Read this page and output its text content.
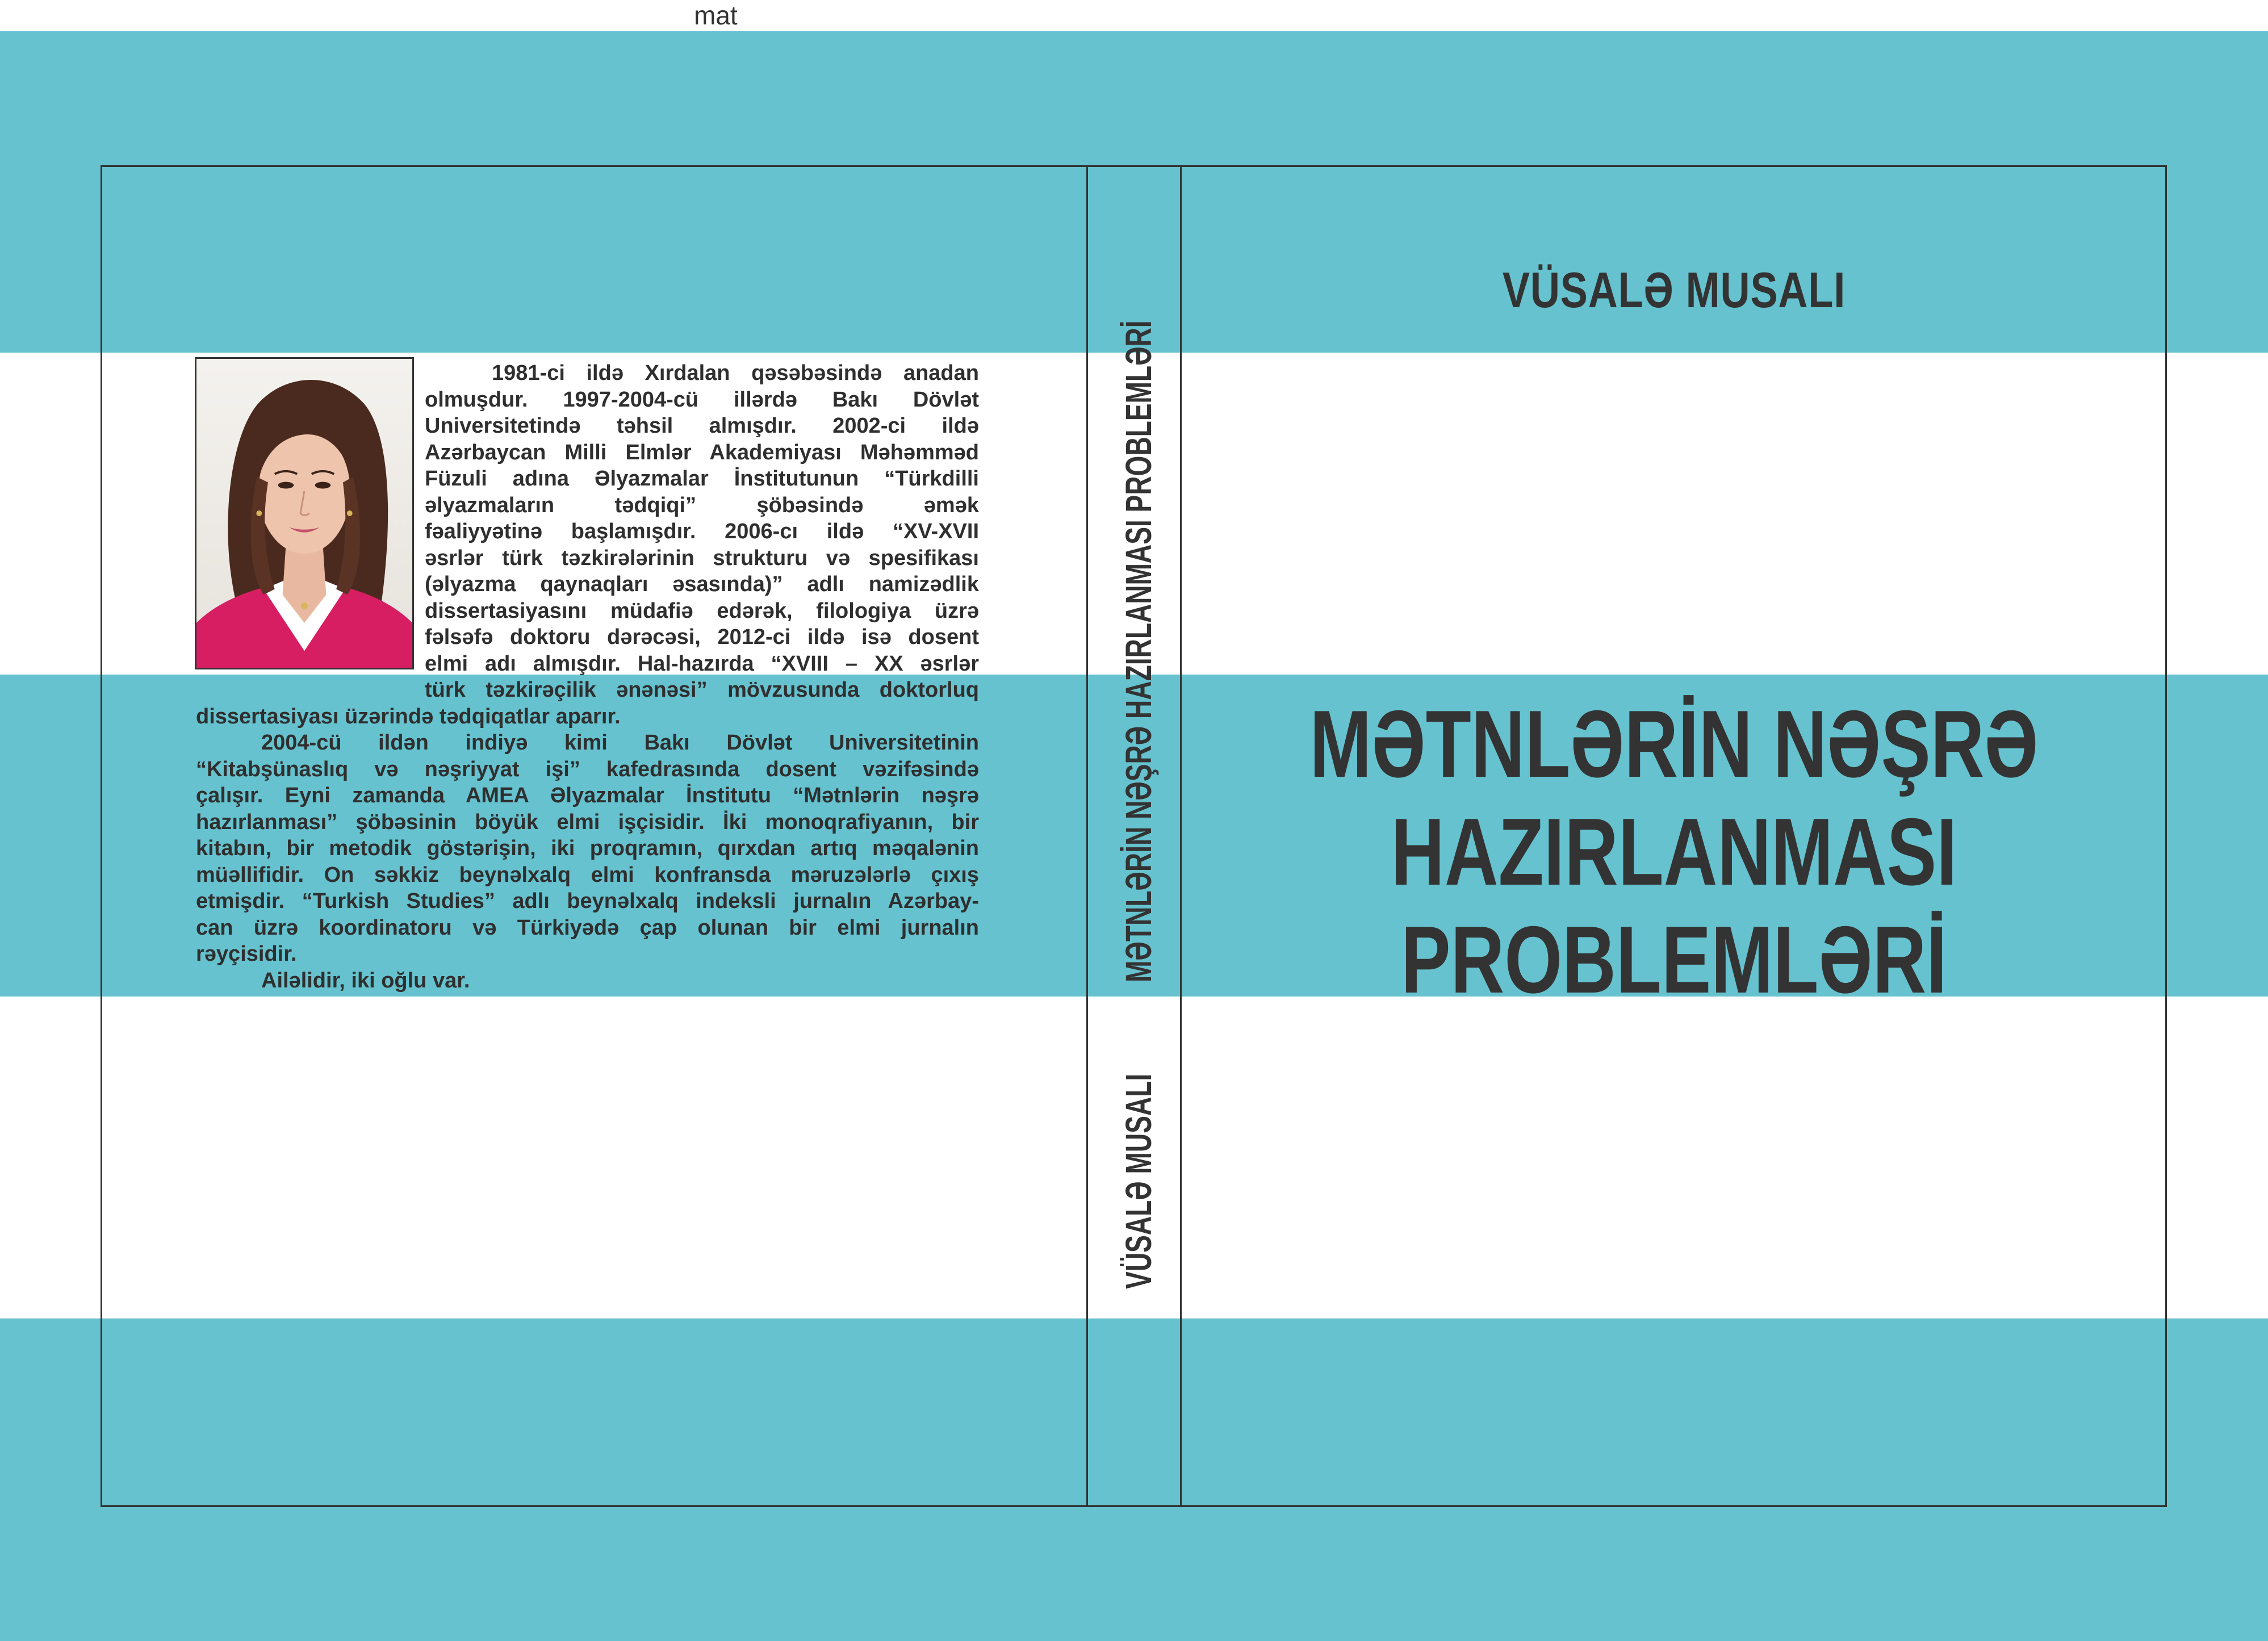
mat
1981-ci ildə Xırdalan qəsəbəsində anadan
olmuşdur. 1997-2004-cü illərdə Bakı Dövlət
Universitetində təhsil almışdır. 2002-ci ildə
Azərbaycan Milli Elmlər Akademiyası Məhəmməd
Füzuli adına Əlyazmalar İnstitutunun “Türkdilli
əlyazmaların tədqiqi” şöbəsində əmək
fəaliyyətinə başlamışdır. 2006-cı ildə “XV-XVII
əsrlər türk təzkirələrinin strukturu və spesifikası
(əlyazma qaynaqları əsasında)” adlı namizədlik
dissertasiyasını müdafiə edərək, filologiya üzrə
fəlsəfə doktoru dərəcəsi, 2012-ci ildə isə dosent
elmi adı almışdır. Hal-hazırda “XVIII – XX əsrlər
türk təzkirəçilik ənənəsi” mövzusunda doktorluq
dissertasiyası üzərində tədqiqatlar aparır.
2004-cü ildən indiyə kimi Bakı Dövlət Universitetinin
“Kitabşünaslıq və nəşriyyat işi” kafedrasında dosent vəzifəsində
çalışır. Eyni zamanda AMEA Əlyazmalar İnstitutu “Mətnlərin nəşrə
hazırlanması” şöbəsinin böyük elmi işçisidir. İki monoqrafiyanın, bir
kitabın, bir metodik göstərişin, iki proqramın, qırxdan artıq məqalənin
müəllifidir. On səkkiz beynəlxalq elmi konfransda məruzələrlə çıxış
etmişdir. “Turkish Studies” adlı beynəlxalq indeksli jurnalın Azərbay-
can üzrə koordinatoru və Türkiyədə çap olunan bir elmi jurnalın
rəyçisidir.
Ailəlidir, iki oğlu var.	MƏTNLƏRİN NƏŞRƏ HAZIRLANMASI PROBLEMLƏRİ
VÜSALƏ MUSALI
VÜSALƏ MUSALI
MƏTNLƏRİN NƏŞRƏ
HAZIRLANMASI
PROBLEMLƏRİ
